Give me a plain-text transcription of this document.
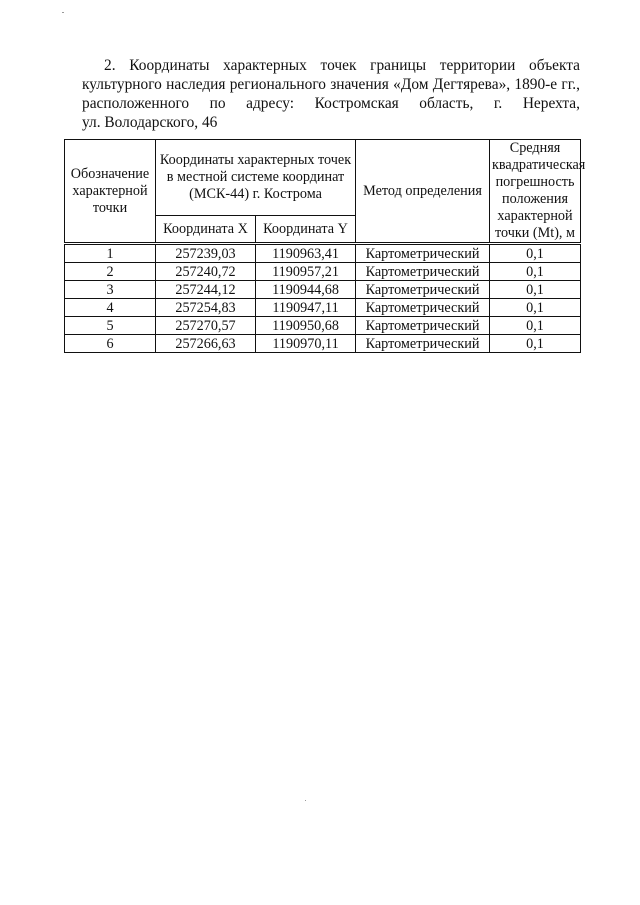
2. Координаты характерных точек границы территории объекта
культурного наследия регионального значения «Дом Дегтярева», 1890-е гг.,
расположенного по адресу: Костромская область, г. Нерехта,
ул. Володарского, 46
Обозначение характерной точки	Координаты характерных точек в местной системе координат (МСК-44) г. Кострома		Метод определения	Средняя квадратическая погрешность положения характерной точки (Mt), м
	Координата X	Координата Y		
1	257239,03	1190963,41	Картометрический	0,1
2	257240,72	1190957,21	Картометрический	0,1
3	257244,12	1190944,68	Картометрический	0,1
4	257254,83	1190947,11	Картометрический	0,1
5	257270,57	1190950,68	Картометрический	0,1
6	257266,63	1190970,11	Картометрический	0,1
